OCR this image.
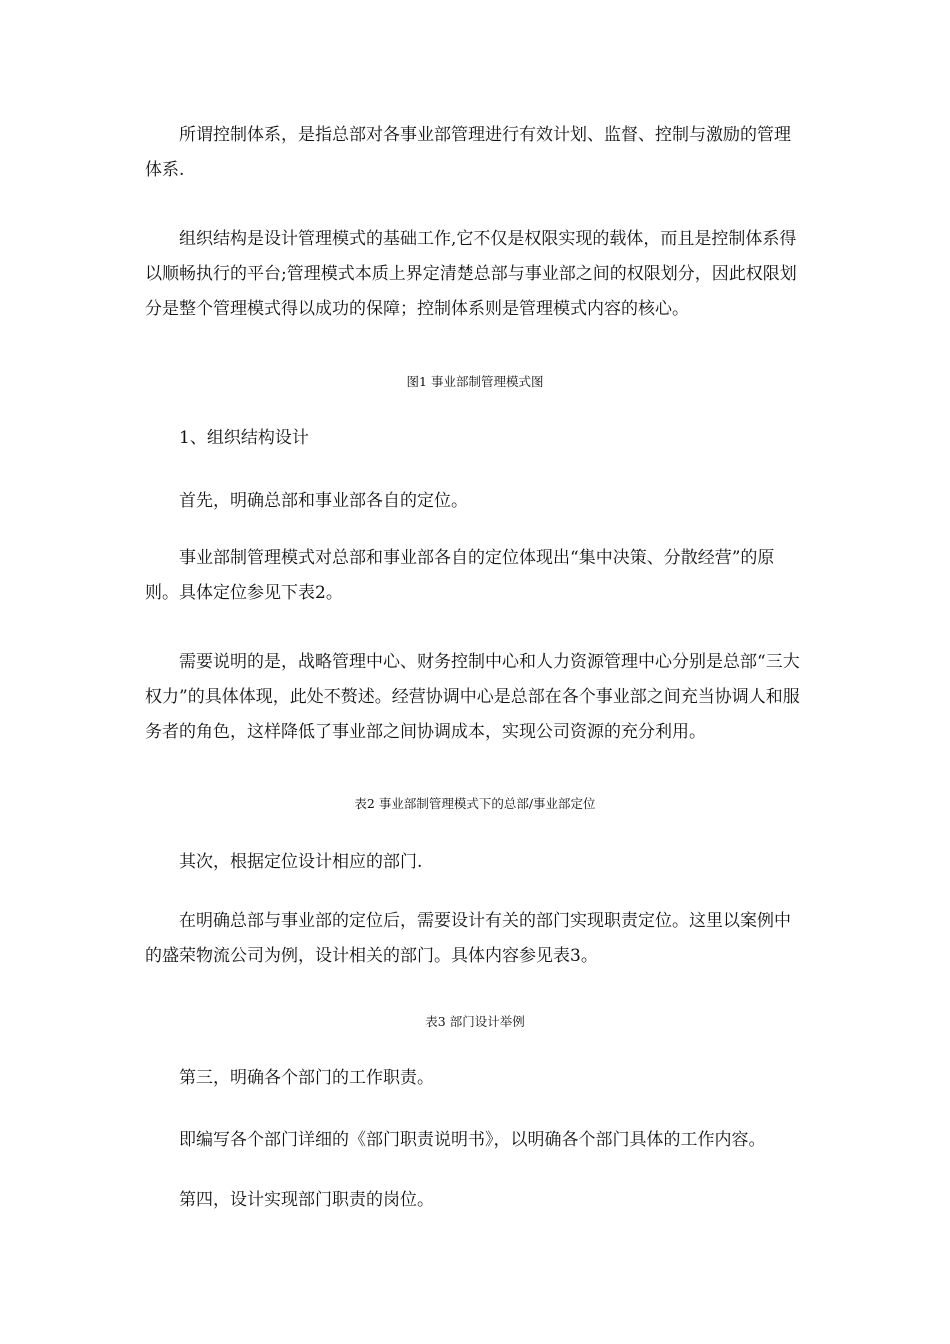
所谓控制体系，是指总部对各事业部管理进行有效计划、监督、控制与激励的管理体系.

组织结构是设计管理模式的基础工作,它不仅是权限实现的载体，而且是控制体系得以顺畅执行的平台;管理模式本质上界定清楚总部与事业部之间的权限划分，因此权限划分是整个管理模式得以成功的保障；控制体系则是管理模式内容的核心。

图1 事业部制管理模式图

1、组织结构设计

首先，明确总部和事业部各自的定位。

事业部制管理模式对总部和事业部各自的定位体现出“集中决策、分散经营”的原则。具体定位参见下表2。

需要说明的是，战略管理中心、财务控制中心和人力资源管理中心分别是总部“三大权力”的具体体现，此处不赘述。经营协调中心是总部在各个事业部之间充当协调人和服务者的角色，这样降低了事业部之间协调成本，实现公司资源的充分利用。

表2 事业部制管理模式下的总部/事业部定位

其次，根据定位设计相应的部门.

在明确总部与事业部的定位后，需要设计有关的部门实现职责定位。这里以案例中的盛荣物流公司为例，设计相关的部门。具体内容参见表3。

表3 部门设计举例

第三，明确各个部门的工作职责。

即编写各个部门详细的《部门职责说明书》，以明确各个部门具体的工作内容。

第四，设计实现部门职责的岗位。
